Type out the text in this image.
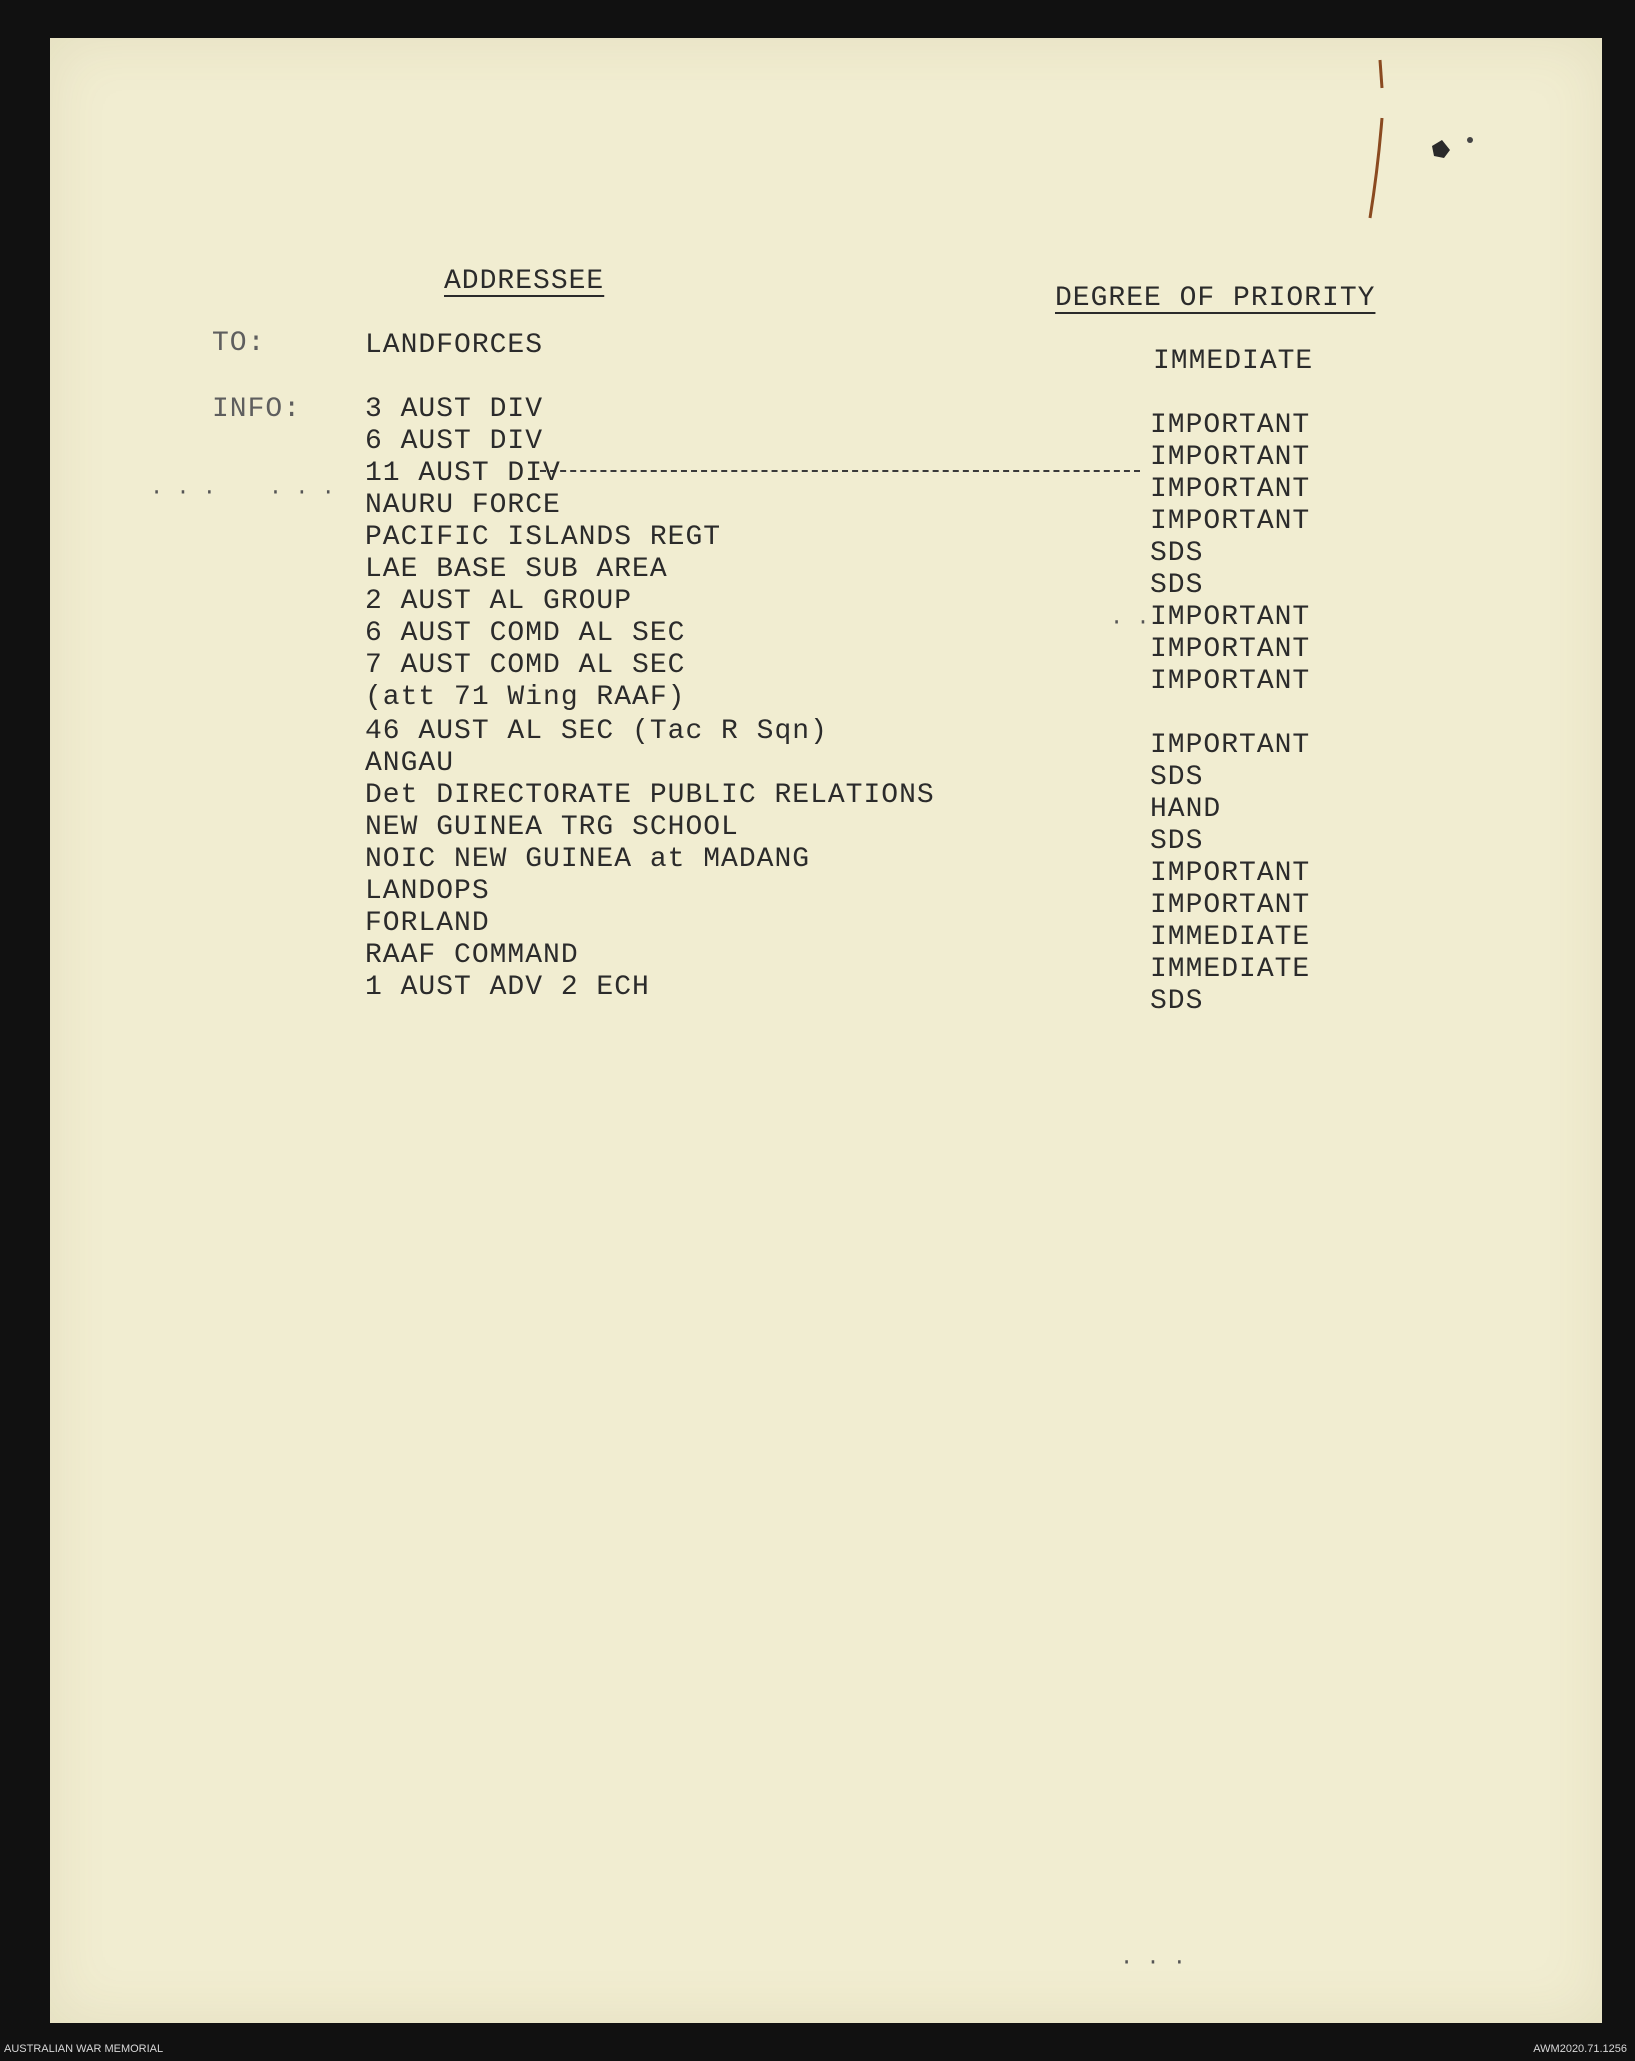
ADDRESSEE
DEGREE OF PRIORITY
TO:	LANDFORCES
IMMEDIATE
INFO: 3 AUST DIV
6 AUST DIV
11 AUST DIV
NAURU FORCE
PACIFIC ISLANDS REGT
LAE BASE SUB AREA
2 AUST AL GROUP
6 AUST COMD AL SEC
7 AUST COMD AL SEC
(att 71 Wing RAAF)
46 AUST AL SEC (Tac R Sqn)
ANGAU
Det DIRECTORATE PUBLIC RELATIONS
NEW GUINEA TRG SCHOOL
NOIC NEW GUINEA at MADANG
LANDOPS
FORLAND
RAAF COMMAND
1 AUST ADV 2 ECH
IMPORTANT
IMPORTANT
IMPORTANT
IMPORTANT
SDS
SDS
IMPORTANT
IMPORTANT
IMPORTANT
IMPORTANT
SDS
HAND
SDS
IMPORTANT
IMPORTANT
IMMEDIATE
IMMEDIATE
SDS
· · ·    · · ·
· ·
· · ·
AUSTRALIAN WAR MEMORIAL	AWM2020.71.1256
